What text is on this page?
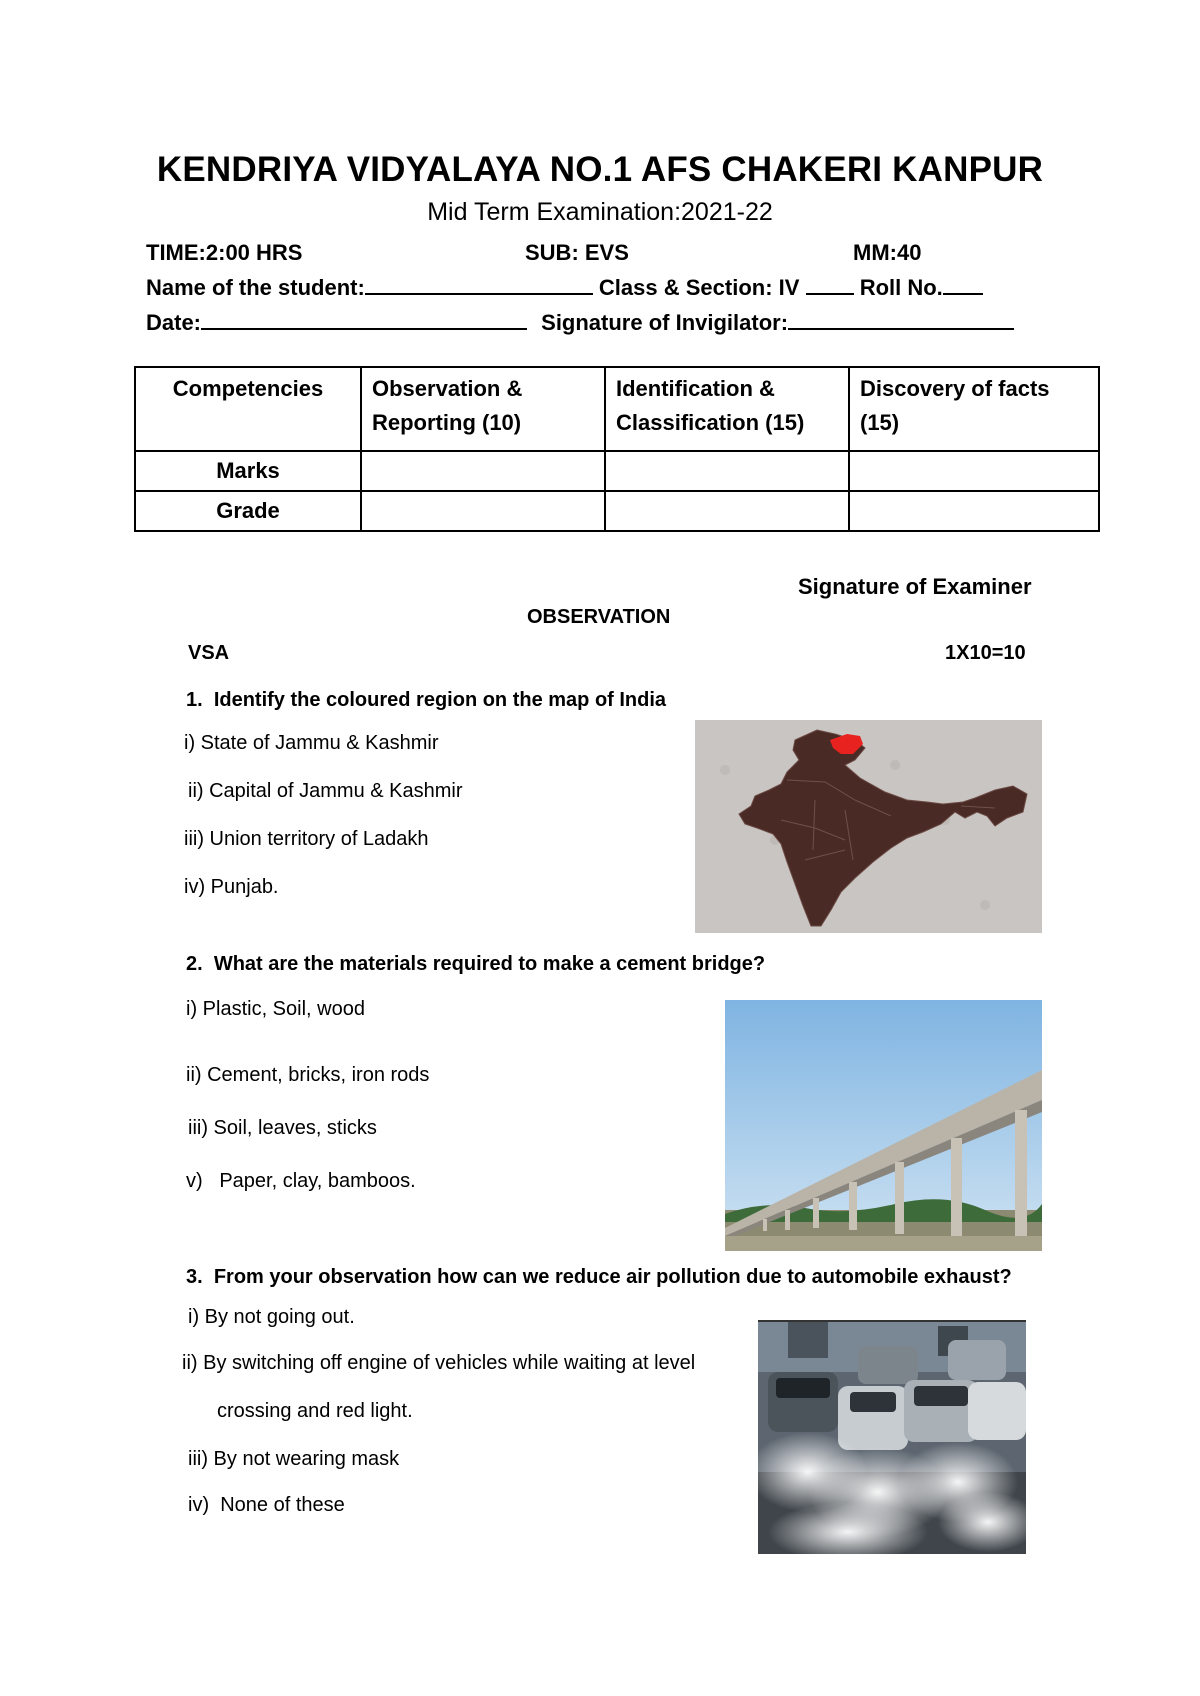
KENDRIYA VIDYALAYA NO.1 AFS CHAKERI KANPUR
Mid Term Examination:2021-22
TIME:2:00 HRS	SUB: EVS	MM:40
Name of the student:	Class & Section: IV	Roll No.
Date:	Signature of Invigilator:
Competencies	Observation & Reporting (10)	Identification & Classification (15)	Discovery of facts (15)
Marks			
Grade			
Signature of Examiner
OBSERVATION
VSA	1X10=10
1. Identify the coloured region on the map of India
i) State of Jammu & Kashmir
ii) Capital of Jammu & Kashmir
iii) Union territory of Ladakh
iv) Punjab.
2. What are the materials required to make a cement bridge?
i) Plastic, Soil, wood
ii) Cement, bricks, iron rods
iii) Soil, leaves, sticks
v)   Paper, clay, bamboos.
3. From your observation how can we reduce air pollution due to automobile exhaust?
i) By not going out.
ii) By switching off engine of vehicles while waiting at level
crossing and red light.
iii) By not wearing mask
iv)  None of these
